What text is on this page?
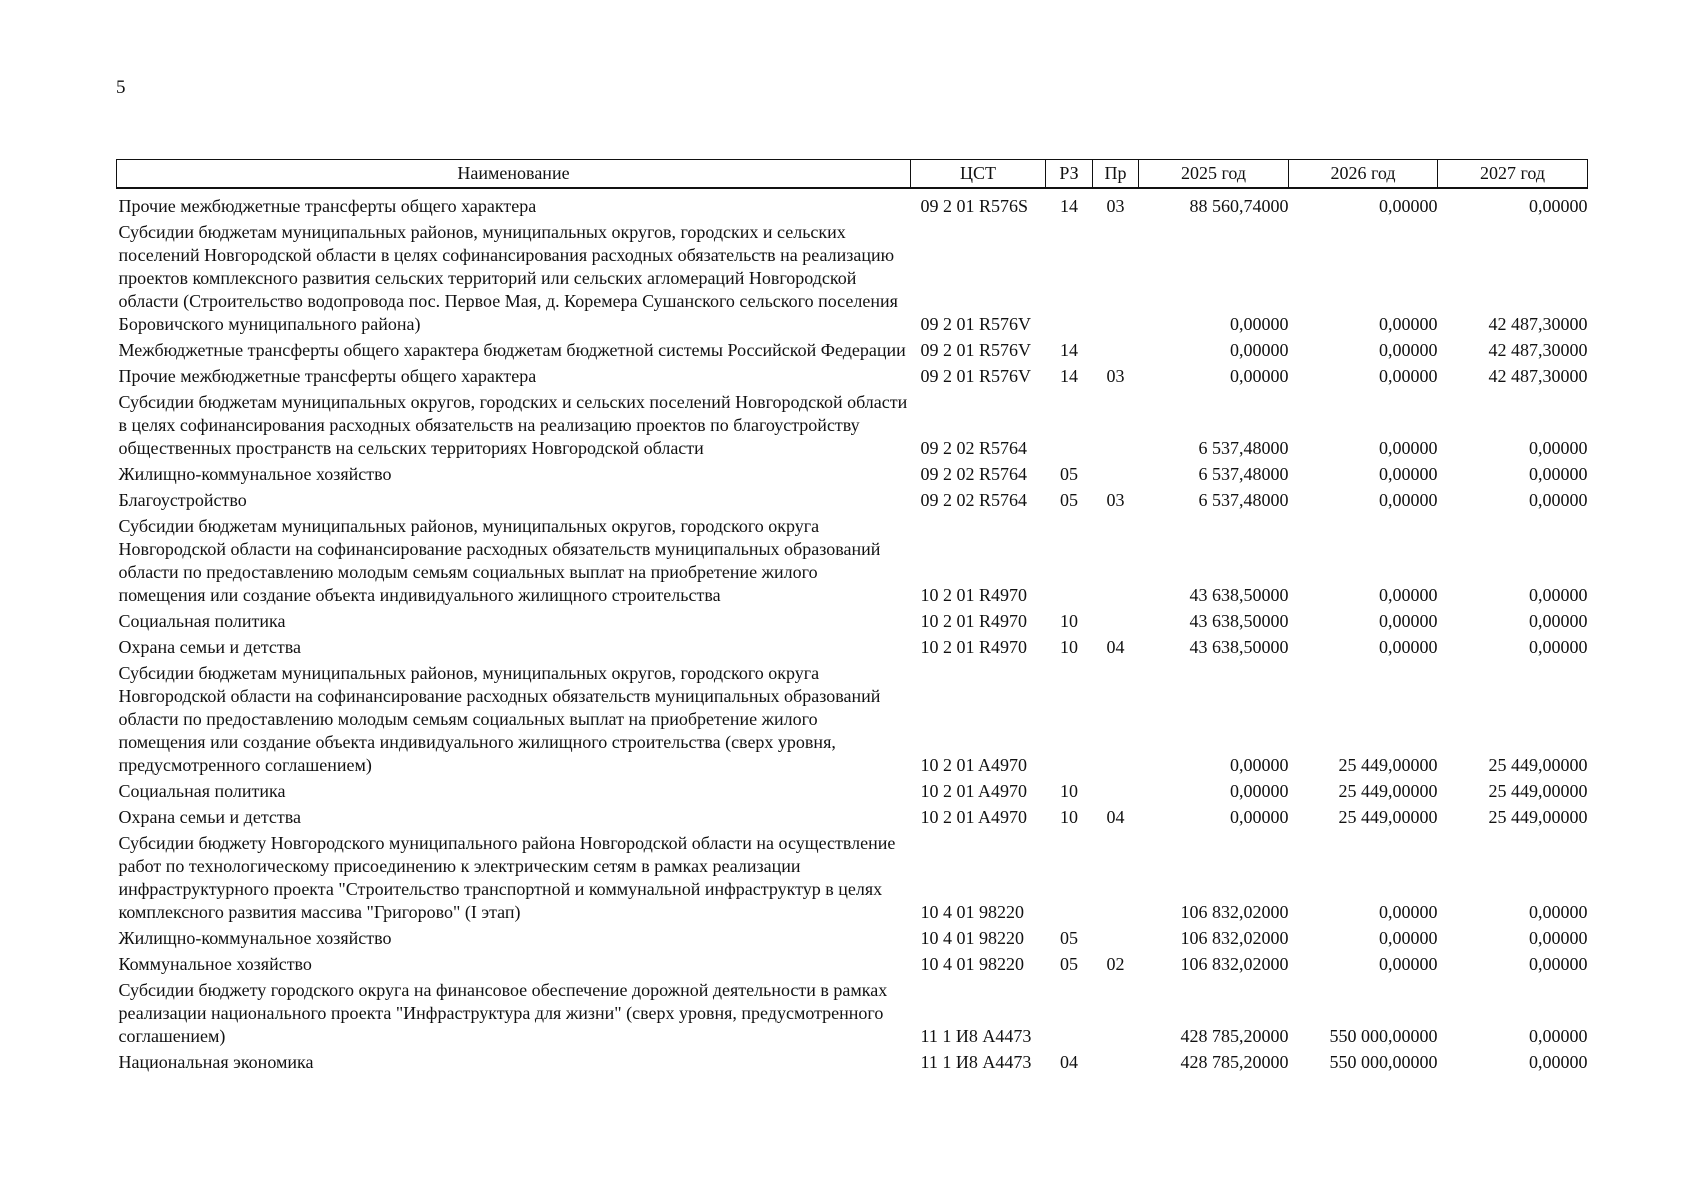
5
Наименование	ЦСТ	РЗ	Пр	2025 год	2026 год	2027 год
Прочие межбюджетные трансферты общего характера	09 2 01 R576S	14	03	88 560,74000	0,00000	0,00000
Субсидии бюджетам муниципальных районов, муниципальных округов, городских и сельских поселений Новгородской области в целях софинансирования расходных обязательств на реализацию проектов комплексного развития сельских территорий или сельских агломераций Новгородской области (Строительство водопровода пос. Первое Мая, д. Коремера Сушанского сельского поселения Боровичского муниципального района)	09 2 01 R576V			0,00000	0,00000	42 487,30000
Межбюджетные трансферты общего характера бюджетам бюджетной системы Российской Федерации	09 2 01 R576V	14		0,00000	0,00000	42 487,30000
Прочие межбюджетные трансферты общего характера	09 2 01 R576V	14	03	0,00000	0,00000	42 487,30000
Субсидии бюджетам муниципальных округов, городских и сельских поселений Новгородской области в целях софинансирования расходных обязательств на реализацию проектов по благоустройству общественных пространств на сельских территориях Новгородской области	09 2 02 R5764			6 537,48000	0,00000	0,00000
Жилищно-коммунальное хозяйство	09 2 02 R5764	05		6 537,48000	0,00000	0,00000
Благоустройство	09 2 02 R5764	05	03	6 537,48000	0,00000	0,00000
Субсидии бюджетам муниципальных районов, муниципальных округов, городского округа Новгородской области на софинансирование расходных обязательств муниципальных образований области по предоставлению молодым семьям социальных выплат на приобретение жилого помещения или создание объекта индивидуального жилищного строительства	10 2 01 R4970			43 638,50000	0,00000	0,00000
Социальная политика	10 2 01 R4970	10		43 638,50000	0,00000	0,00000
Охрана семьи и детства	10 2 01 R4970	10	04	43 638,50000	0,00000	0,00000
Субсидии бюджетам муниципальных районов, муниципальных округов, городского округа Новгородской области на софинансирование расходных обязательств муниципальных образований области по предоставлению молодым семьям социальных выплат на приобретение жилого помещения или создание объекта индивидуального жилищного строительства (сверх уровня, предусмотренного соглашением)	10 2 01 A4970			0,00000	25 449,00000	25 449,00000
Социальная политика	10 2 01 A4970	10		0,00000	25 449,00000	25 449,00000
Охрана семьи и детства	10 2 01 A4970	10	04	0,00000	25 449,00000	25 449,00000
Субсидии бюджету Новгородского муниципального района Новгородской области на осуществление работ по технологическому присоединению к электрическим сетям в рамках реализации инфраструктурного проекта "Строительство транспортной и коммунальной инфраструктур в целях комплексного развития массива "Григорово" (I этап)	10 4 01 98220			106 832,02000	0,00000	0,00000
Жилищно-коммунальное хозяйство	10 4 01 98220	05		106 832,02000	0,00000	0,00000
Коммунальное хозяйство	10 4 01 98220	05	02	106 832,02000	0,00000	0,00000
Субсидии бюджету городского округа на финансовое обеспечение дорожной деятельности в рамках реализации национального проекта "Инфраструктура для жизни" (сверх уровня, предусмотренного соглашением)	11 1 И8 A4473			428 785,20000	550 000,00000	0,00000
Национальная экономика	11 1 И8 A4473	04		428 785,20000	550 000,00000	0,00000
